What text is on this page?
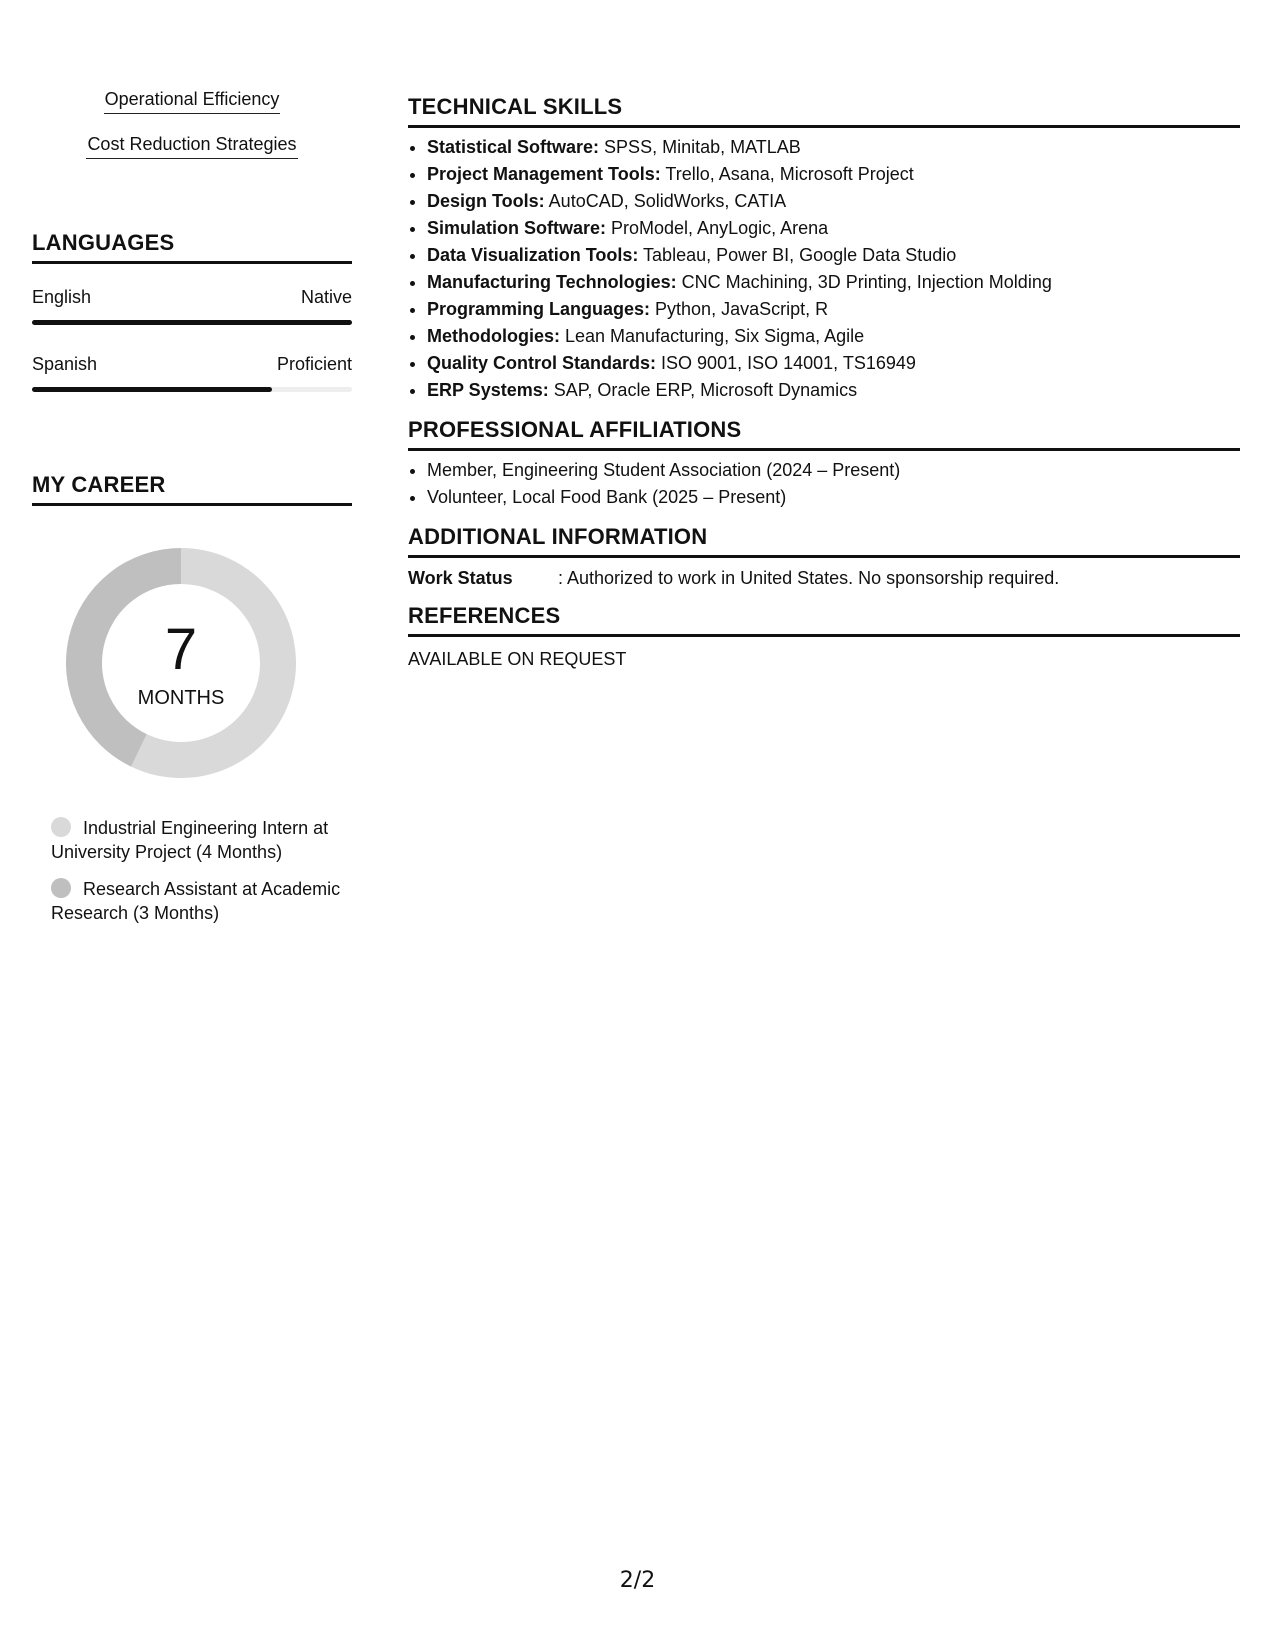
Operational Efficiency
Cost Reduction Strategies
LANGUAGES
English	Native
Spanish	Proficient
MY CAREER
7
MONTHS
Industrial Engineering Intern at University Project (4 Months)
Research Assistant at Academic Research (3 Months)
TECHNICAL SKILLS
• Statistical Software: SPSS, Minitab, MATLAB
• Project Management Tools: Trello, Asana, Microsoft Project
• Design Tools: AutoCAD, SolidWorks, CATIA
• Simulation Software: ProModel, AnyLogic, Arena
• Data Visualization Tools: Tableau, Power BI, Google Data Studio
• Manufacturing Technologies: CNC Machining, 3D Printing, Injection Molding
• Programming Languages: Python, JavaScript, R
• Methodologies: Lean Manufacturing, Six Sigma, Agile
• Quality Control Standards: ISO 9001, ISO 14001, TS16949
• ERP Systems: SAP, Oracle ERP, Microsoft Dynamics
PROFESSIONAL AFFILIATIONS
• Member, Engineering Student Association (2024 – Present)
• Volunteer, Local Food Bank (2025 – Present)
ADDITIONAL INFORMATION
Work Status	: Authorized to work in United States. No sponsorship required.
REFERENCES
AVAILABLE ON REQUEST
2/2
